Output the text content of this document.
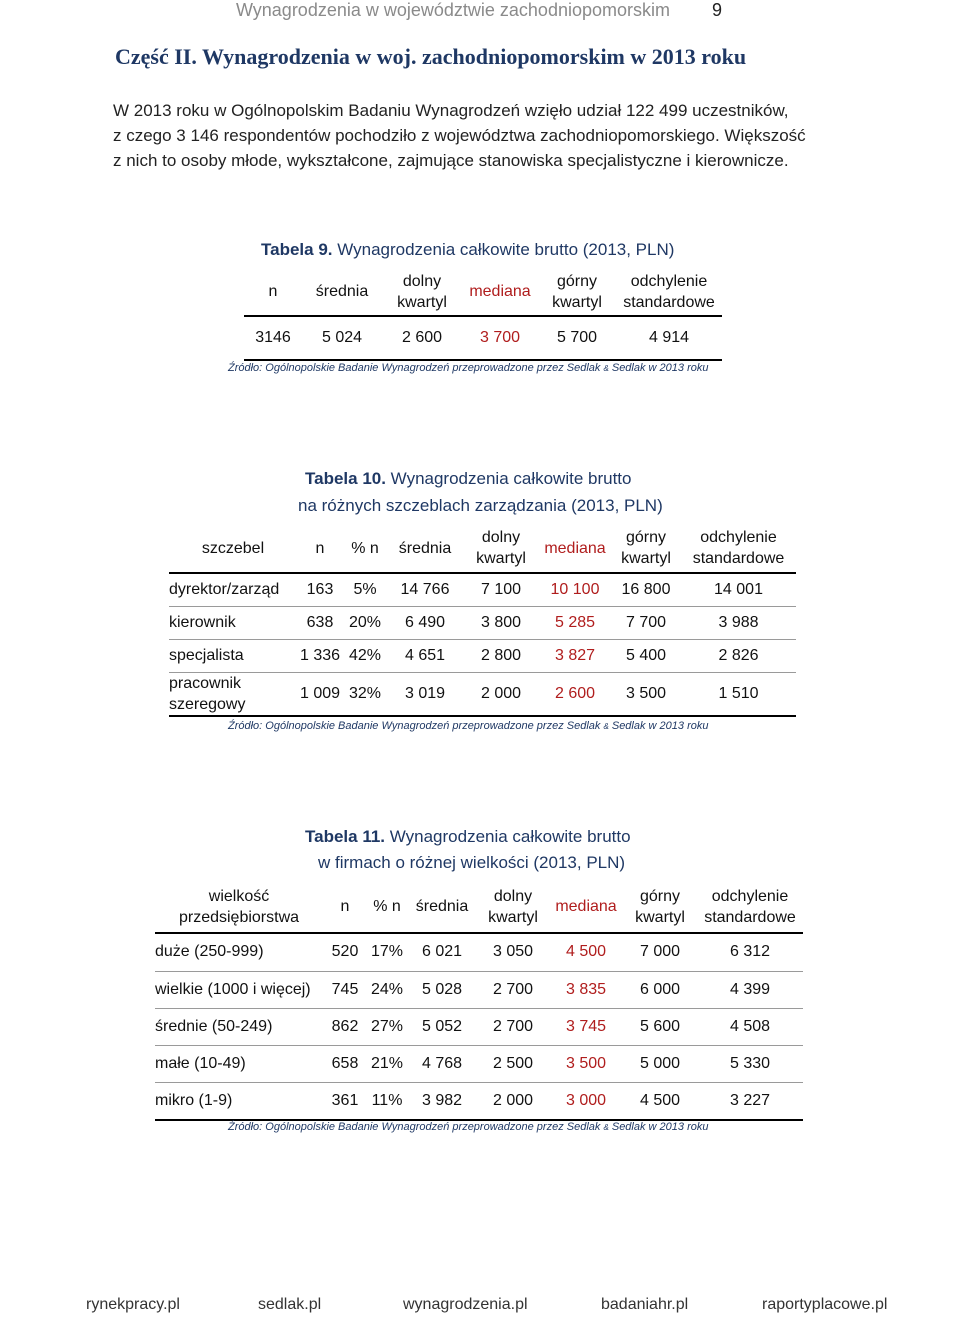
Wynagrodzenia w województwie zachodniopomorskim 9
Część II. Wynagrodzenia w woj. zachodniopomorskim w 2013 roku

W 2013 roku w Ogólnopolskim Badaniu Wynagrodzeń wzięło udział 122 499 uczestników,

z czego 3 146 respondentów pochodziło z województwa zachodniopomorskiego. Większość

z nich to osoby młode, wykształcone, zajmujące stanowiska specjalistyczne i kierownicze.

Tabela 9. Wynagrodzenia całkowite brutto (2013, PLN)
n	średnia	dolny kwartyl	mediana	górny kwartyl	odchylenie standardowe
3146	5 024	2 600	3 700	5 700	4 914
Źródło: Ogólnopolskie Badanie Wynagrodzeń przeprowadzone przez Sedlak & Sedlak w 2013 roku
Tabela 10. Wynagrodzenia całkowite brutto
na różnych szczeblach zarządzania (2013, PLN)
szczebel	n	% n	średnia	dolny kwartyl	mediana	górny kwartyl	odchylenie standardowe
dyrektor/zarząd	163	5%	14 766	7 100	10 100	16 800	14 001
kierownik	638	20%	6 490	3 800	5 285	7 700	3 988
specjalista	1 336	42%	4 651	2 800	3 827	5 400	2 826
pracownik szeregowy	1 009	32%	3 019	2 000	2 600	3 500	1 510
Źródło: Ogólnopolskie Badanie Wynagrodzeń przeprowadzone przez Sedlak & Sedlak w 2013 roku
Tabela 11. Wynagrodzenia całkowite brutto
w firmach o różnej wielkości (2013, PLN)
wielkość przedsiębiorstwa	n	% n	średnia	dolny kwartyl	mediana	górny kwartyl	odchylenie standardowe
duże (250-999)	520	17%	6 021	3 050	4 500	7 000	6 312
wielkie (1000 i więcej)	745	24%	5 028	2 700	3 835	6 000	4 399
średnie (50-249)	862	27%	5 052	2 700	3 745	5 600	4 508
małe (10-49)	658	21%	4 768	2 500	3 500	5 000	5 330
mikro (1-9)	361	11%	3 982	2 000	3 000	4 500	3 227
Źródło: Ogólnopolskie Badanie Wynagrodzeń przeprowadzone przez Sedlak & Sedlak w 2013 roku
rynekpracy.pl	sedlak.pl	wynagrodzenia.pl	badaniahr.pl	raportyplacowe.pl
